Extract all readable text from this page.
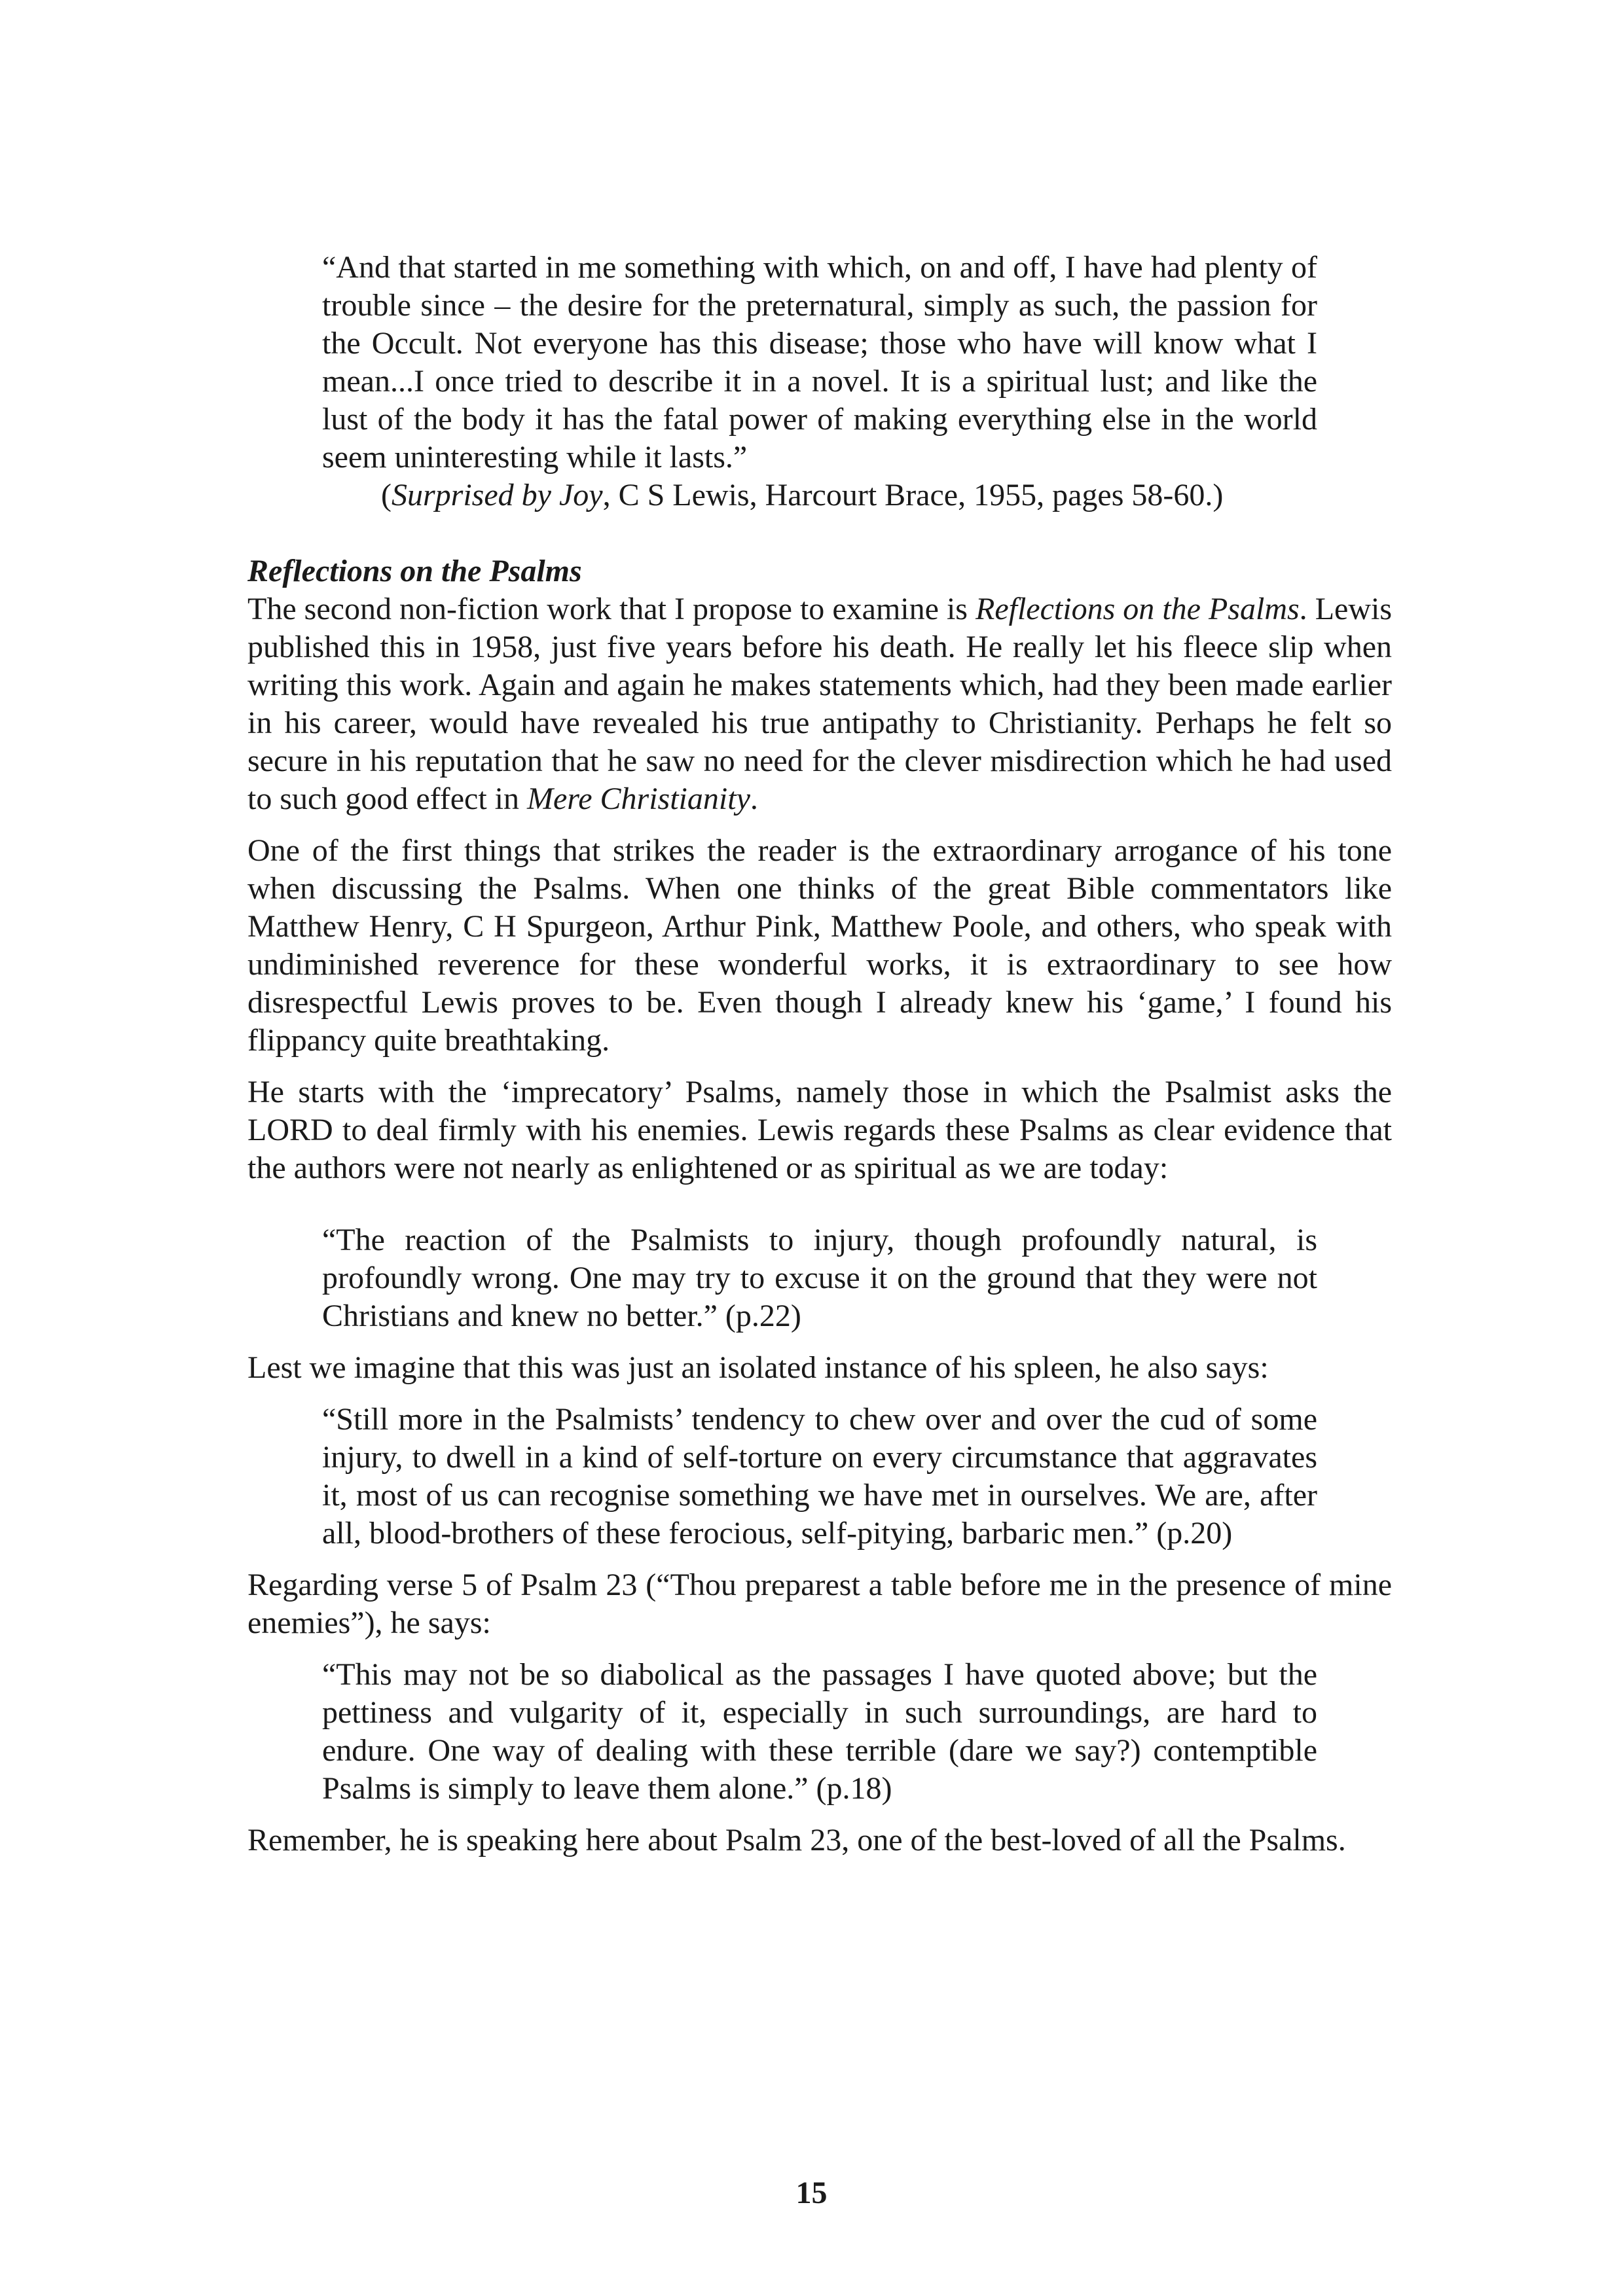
“And that started in me something with which, on and off, I have had plenty of trouble since – the desire for the preternatural, simply as such, the passion for the Occult. Not everyone has this disease; those who have will know what I mean...I once tried to describe it in a novel. It is a spiritual lust; and like the lust of the body it has the fatal power of making everything else in the world seem uninteresting while it lasts.”

(Surprised by Joy, C S Lewis, Harcourt Brace, 1955, pages 58-60.)
Reflections on the Psalms

The second non-fiction work that I propose to examine is Reflections on the Psalms. Lewis published this in 1958, just five years before his death. He really let his fleece slip when writing this work. Again and again he makes statements which, had they been made earlier in his career, would have revealed his true antipathy to Christianity. Perhaps he felt so secure in his reputation that he saw no need for the clever misdirection which he had used to such good effect in Mere Christianity.

One of the first things that strikes the reader is the extraordinary arrogance of his tone when discussing the Psalms. When one thinks of the great Bible commentators like Matthew Henry, C H Spurgeon, Arthur Pink, Matthew Poole, and others, who speak with undiminished reverence for these wonderful works, it is extraordinary to see how disrespectful Lewis proves to be. Even though I already knew his ‘game,’ I found his flippancy quite breathtaking.

He starts with the ‘imprecatory’ Psalms, namely those in which the Psalmist asks the LORD to deal firmly with his enemies. Lewis regards these Psalms as clear evidence that the authors were not nearly as enlightened or as spiritual as we are today:

“The reaction of the Psalmists to injury, though profoundly natural, is profoundly wrong. One may try to excuse it on the ground that they were not Christians and knew no better.” (p.22)

Lest we imagine that this was just an isolated instance of his spleen, he also says:

“Still more in the Psalmists’ tendency to chew over and over the cud of some injury, to dwell in a kind of self-torture on every circumstance that aggravates it, most of us can recognise something we have met in ourselves. We are, after all, blood-brothers of these ferocious, self-pitying, barbaric men.” (p.20)

Regarding verse 5 of Psalm 23 (“Thou preparest a table before me in the presence of mine enemies”), he says:

“This may not be so diabolical as the passages I have quoted above; but the pettiness and vulgarity of it, especially in such surroundings, are hard to endure. One way of dealing with these terrible (dare we say?) contemptible Psalms is simply to leave them alone.” (p.18)

Remember, he is speaking here about Psalm 23, one of the best-loved of all the Psalms.

15
